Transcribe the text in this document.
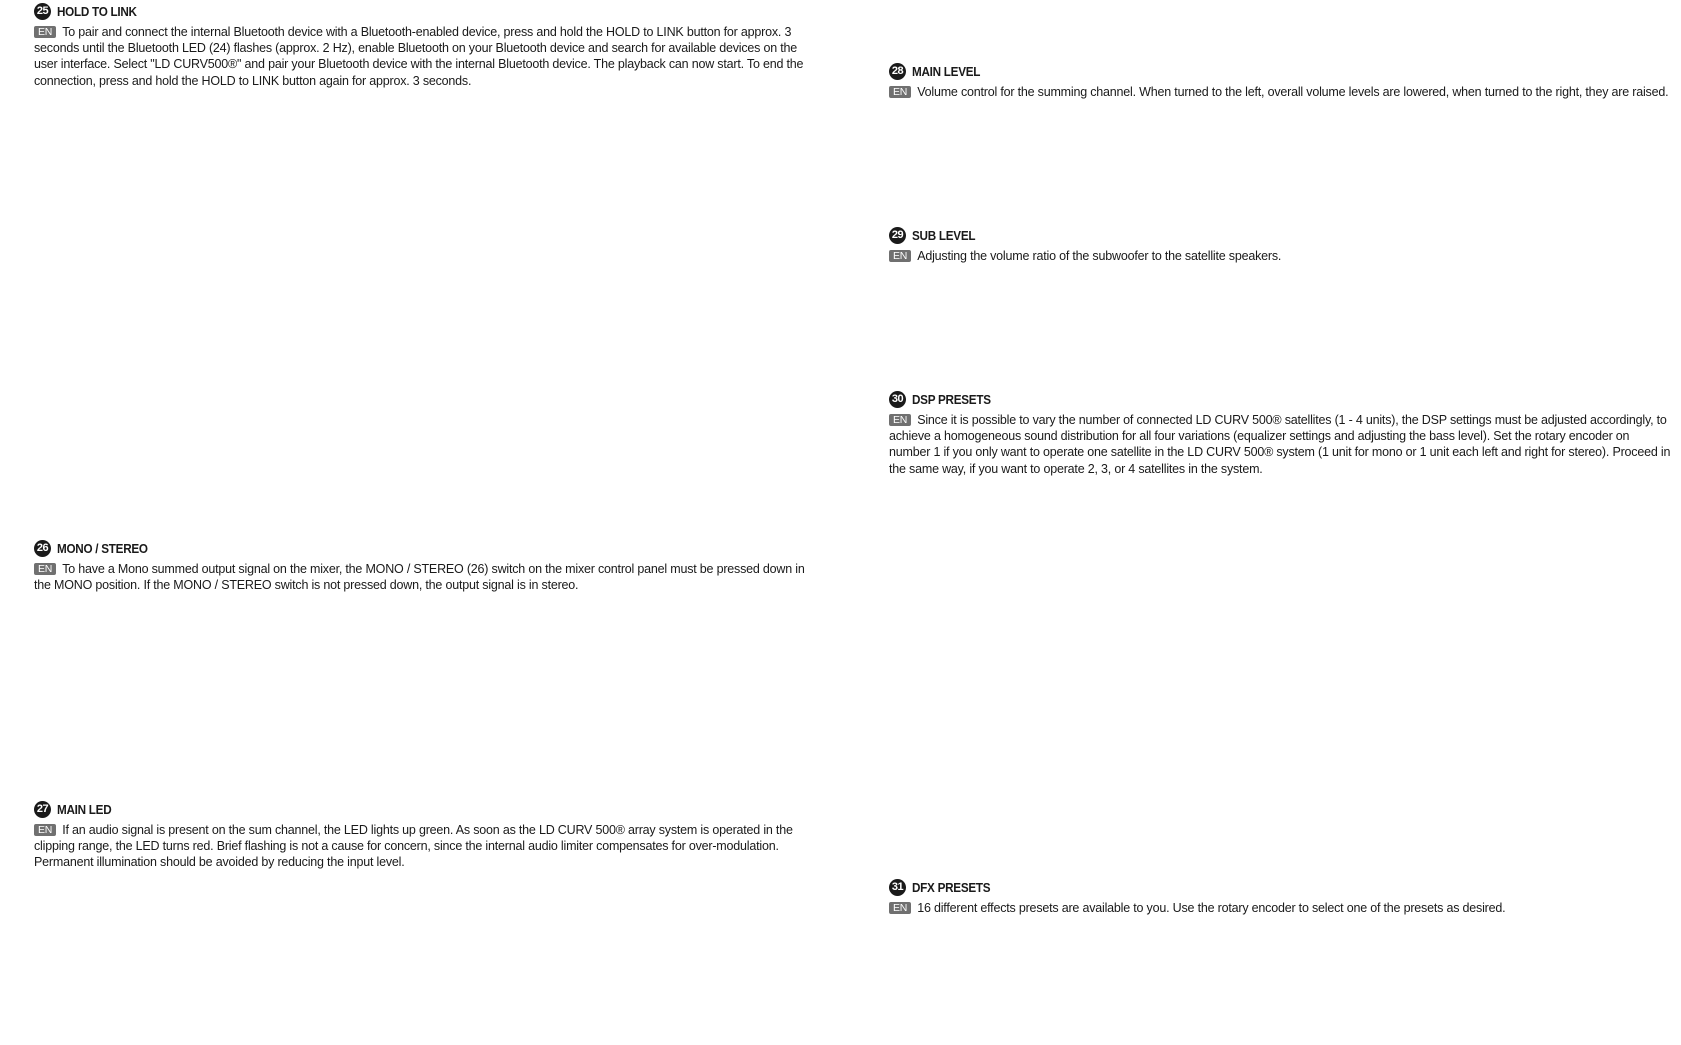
25 HOLD TO LINK
EN To pair and connect the internal Bluetooth device with a Bluetooth-enabled device, press and hold the HOLD to LINK button for approx. 3 seconds until the Bluetooth LED (24) flashes (approx. 2 Hz), enable Bluetooth on your Bluetooth device and search for available devices on the user interface. Select "LD CURV500®" and pair your Bluetooth device with the internal Bluetooth device. The playback can now start. To end the connection, press and hold the HOLD to LINK button again for approx. 3 seconds.
26 MONO / STEREO
EN To have a Mono summed output signal on the mixer, the MONO / STEREO (26) switch on the mixer control panel must be pressed down in the MONO position. If the MONO / STEREO switch is not pressed down, the output signal is in stereo.
27 MAIN LED
EN If an audio signal is present on the sum channel, the LED lights up green. As soon as the LD CURV 500® array system is operated in the clipping range, the LED turns red. Brief flashing is not a cause for concern, since the internal audio limiter compensates for over-modulation. Permanent illumination should be avoided by reducing the input level.
28 MAIN LEVEL
EN Volume control for the summing channel. When turned to the left, overall volume levels are lowered, when turned to the right, they are raised.
29 SUB LEVEL
EN Adjusting the volume ratio of the subwoofer to the satellite speakers.
30 DSP PRESETS
EN Since it is possible to vary the number of connected LD CURV 500® satellites (1 - 4 units), the DSP settings must be adjusted accordingly, to achieve a homogeneous sound distribution for all four variations (equalizer settings and adjusting the bass level). Set the rotary encoder on number 1 if you only want to operate one satellite in the LD CURV 500® system (1 unit for mono or 1 unit each left and right for stereo). Proceed in the same way, if you want to operate 2, 3, or 4 satellites in the system.
31 DFX PRESETS
EN 16 different effects presets are available to you. Use the rotary encoder to select one of the presets as desired.
